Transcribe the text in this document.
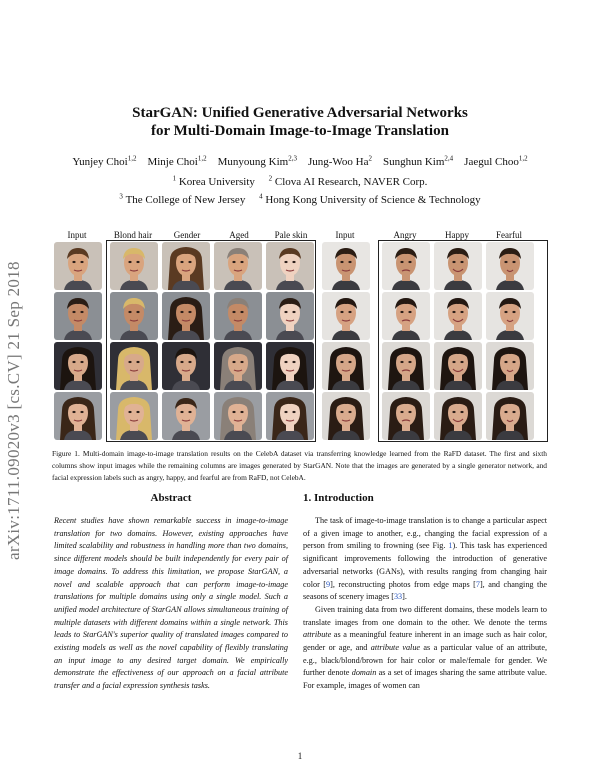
StarGAN: Unified Generative Adversarial Networks
for Multi-Domain Image-to-Image Translation
Yunjey Choi$^{1,2}$ Minje Choi$^{1,2}$ Munyoung Kim$^{2,3}$ Jung-Woo Ha$^2$ Sunghun Kim$^{2,4}$ Jaegul Choo$^{1,2}$
$^1$ Korea University $^2$ Clova AI Research, NAVER Corp.
$^3$ The College of New Jersey $^4$ Hong Kong University of Science & Technology
arXiv:1711.09020v3 [cs.CV] 21 Sep 2018
Input	Blond hair	Gender	Aged	Pale skin	Input	Angry	Happy	Fearful
Figure 1. Multi-domain image-to-image translation results on the CelebA dataset via transferring knowledge learned from the RaFD dataset. The first and sixth columns show input images while the remaining columns are images generated by StarGAN. Note that the images are generated by a single generator network, and facial expression labels such as angry, happy, and fearful are from RaFD, not CelebA.
Abstract
Recent studies have shown remarkable success in image-to-image translation for two domains. However, existing approaches have limited scalability and robustness in handling more than two domains, since different models should be built independently for every pair of image domains. To address this limitation, we propose StarGAN, a novel and scalable approach that can perform image-to-image translations for multiple domains using only a single model. Such a unified model architecture of StarGAN allows simultaneous training of multiple datasets with different domains within a single network. This leads to StarGAN's superior quality of translated images compared to existing models as well as the novel capability of flexibly translating an input image to any desired target domain. We empirically demonstrate the effectiveness of our approach on a facial attribute transfer and a facial expression synthesis tasks.
1. Introduction

The task of image-to-image translation is to change a particular aspect of a given image to another, e.g., changing the facial expression of a person from smiling to frowning (see Fig. 1). This task has experienced significant improvements following the introduction of generative adversarial networks (GANs), with results ranging from changing hair color [9], reconstructing photos from edge maps [7], and changing the seasons of scenery images [33].

Given training data from two different domains, these models learn to translate images from one domain to the other. We denote the terms attribute as a meaningful feature inherent in an image such as hair color, gender or age, and attribute value as a particular value of an attribute, e.g., black/blond/brown for hair color or male/female for gender. We further denote domain as a set of images sharing the same attribute value. For example, images of women can

1
